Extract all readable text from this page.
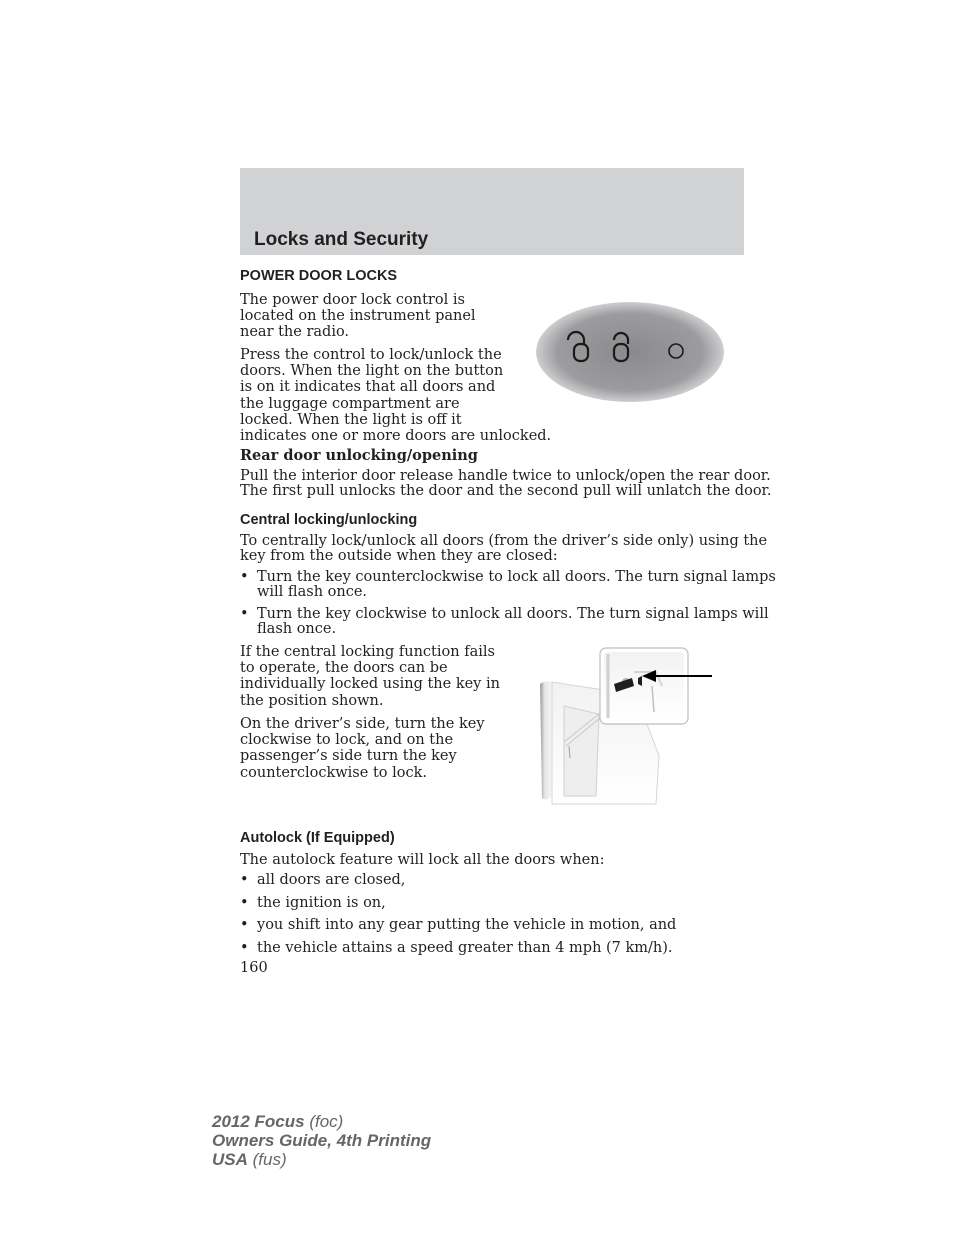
Locks and Security
POWER DOOR LOCKS
The power door lock control is
located on the instrument panel
near the radio.
Press the control to lock/unlock the
doors. When the light on the button
is on it indicates that all doors and
the luggage compartment are
locked. When the light is off it
indicates one or more doors are unlocked.
Rear door unlocking/opening
Pull the interior door release handle twice to unlock/open the rear door.
The first pull unlocks the door and the second pull will unlatch the door.
Central locking/unlocking
To centrally lock/unlock all doors (from the driver’s side only) using the
key from the outside when they are closed:
• Turn the key counterclockwise to lock all doors. The turn signal lamps
will flash once.
• Turn the key clockwise to unlock all doors. The turn signal lamps will
flash once.
If the central locking function fails
to operate, the doors can be
individually locked using the key in
the position shown.
On the driver’s side, turn the key
clockwise to lock, and on the
passenger’s side turn the key
counterclockwise to lock.
Autolock (If Equipped)
The autolock feature will lock all the doors when:
• all doors are closed,
• the ignition is on,
• you shift into any gear putting the vehicle in motion, and
• the vehicle attains a speed greater than 4 mph (7 km/h).
160
2012 Focus (foc)
Owners Guide, 4th Printing
USA (fus)
